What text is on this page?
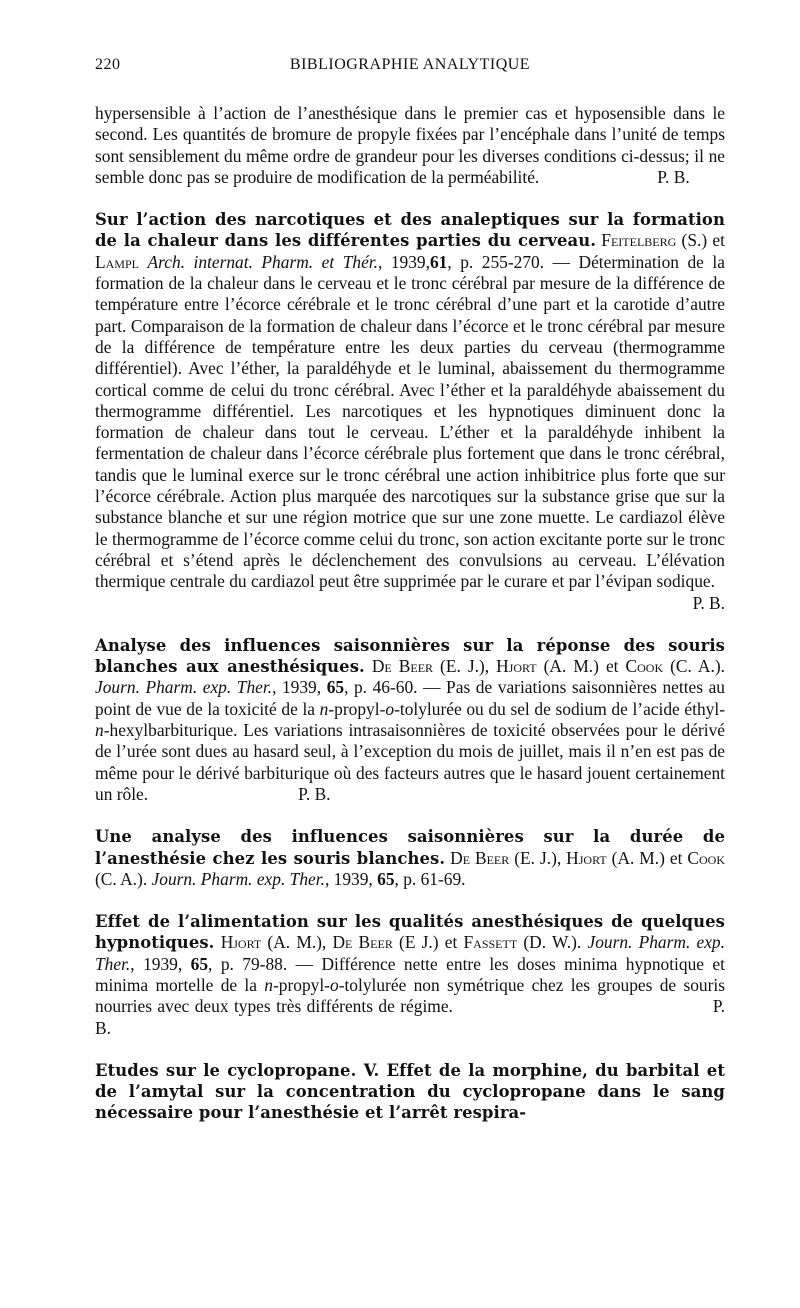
220	BIBLIOGRAPHIE ANALYTIQUE

hypersensible à l’action de l’anesthésique dans le premier cas et hyposensible dans le second. Les quantités de bromure de propyle fixées par l’encéphale dans l’unité de temps sont sensiblement du même ordre de grandeur pour les diverses conditions ci-dessus; il ne semble donc pas se produire de modification de la perméabilité.	P. B.

Sur l’action des narcotiques et des analeptiques sur la formation de la chaleur dans les différentes parties du cerveau. Feitelberg (S.) et Lampl Arch. internat. Pharm. et Thér., 1939,61, p. 255-270. — Détermination de la formation de la chaleur dans le cerveau et le tronc cérébral par mesure de la différence de température entre l’écorce cérébrale et le tronc cérébral d’une part et la carotide d’autre part. Comparaison de la formation de chaleur dans l’écorce et le tronc cérébral par mesure de la différence de température entre les deux parties du cerveau (thermogramme différentiel). Avec l’éther, la paraldéhyde et le luminal, abaissement du thermogramme cortical comme de celui du tronc cérébral. Avec l’éther et la paraldéhyde abaissement du thermogramme différentiel. Les narcotiques et les hypnotiques diminuent donc la formation de chaleur dans tout le cerveau. L’éther et la paraldéhyde inhibent la fermentation de chaleur dans l’écorce cérébrale plus fortement que dans le tronc cérébral, tandis que le luminal exerce sur le tronc cérébral une action inhibitrice plus forte que sur l’écorce cérébrale. Action plus marquée des narcotiques sur la substance grise que sur la substance blanche et sur une région motrice que sur une zone muette. Le cardiazol élève le thermogramme de l’écorce comme celui du tronc, son action excitante porte sur le tronc cérébral et s’étend après le déclenchement des convulsions au cerveau. L’élévation thermique centrale du cardiazol peut être supprimée par le curare et par l’évipan sodique.

P. B.

Analyse des influences saisonnières sur la réponse des souris blanches aux anesthésiques. De Beer (E. J.), Hjort (A. M.) et Cook (C. A.). Journ. Pharm. exp. Ther., 1939, 65, p. 46-60. — Pas de variations saisonnières nettes au point de vue de la toxicité de la n-propyl-o-tolylurée ou du sel de sodium de l’acide éthyl-n-hexylbarbiturique. Les variations intrasaisonnières de toxicité observées pour le dérivé de l’urée sont dues au hasard seul, à l’exception du mois de juillet, mais il n’en est pas de même pour le dérivé barbiturique où des facteurs autres que le hasard jouent certainement un rôle.	P. B.

Une analyse des influences saisonnières sur la durée de l’anesthésie chez les souris blanches. De Beer (E. J.), Hjort (A. M.) et Cook (C. A.). Journ. Pharm. exp. Ther., 1939, 65, p. 61-69.

Effet de l’alimentation sur les qualités anesthésiques de quelques hypnotiques. Hjort (A. M.), De Beer (E J.) et Fassett (D. W.). Journ. Pharm. exp. Ther., 1939, 65, p. 79-88. — Différence nette entre les doses minima hypnotique et minima mortelle de la n-propyl-o-tolylurée non symétrique chez les groupes de souris nourries avec deux types très différents de régime.	P. B.

Etudes sur le cyclopropane. V. Effet de la morphine, du barbital et de l’amytal sur la concentration du cyclopropane dans le sang nécessaire pour l’anesthésie et l’arrêt respira-
